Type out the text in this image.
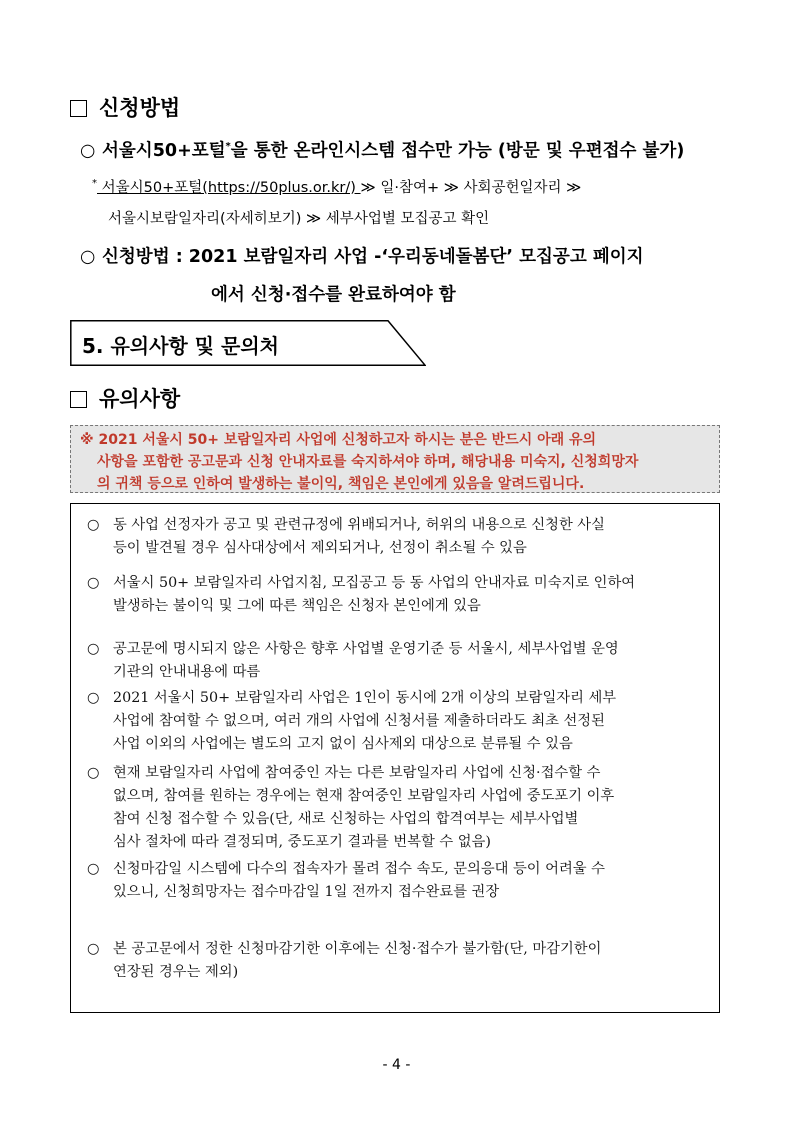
신청방법
○ 서울시50+포털*을 통한 온라인시스템 접수만 가능 (방문 및 우편접수 불가)
* 서울시50+포털(https://50plus.or.kr/) ≫ 일·참여+ ≫ 사회공헌일자리 ≫
서울시보람일자리(자세히보기) ≫ 세부사업별 모집공고 확인
○ 신청방법 : 2021 보람일자리 사업 -‘우리동네돌봄단’ 모집공고 페이지
에서 신청·접수를 완료하여야 함
5. 유의사항 및 문의처
유의사항
※ 2021 서울시 50+ 보람일자리 사업에 신청하고자 하시는 분은 반드시 아래 유의
사항을 포함한 공고문과 신청 안내자료를 숙지하셔야 하며, 해당내용 미숙지, 신청희망자
의 귀책 등으로 인하여 발생하는 불이익, 책임은 본인에게 있음을 알려드립니다.
○ 동 사업 선정자가 공고 및 관련규정에 위배되거나, 허위의 내용으로 신청한 사실
등이 발견될 경우 심사대상에서 제외되거나, 선정이 취소될 수 있음
○ 서울시 50+ 보람일자리 사업지침, 모집공고 등 동 사업의 안내자료 미숙지로 인하여
발생하는 불이익 및 그에 따른 책임은 신청자 본인에게 있음
○ 공고문에 명시되지 않은 사항은 향후 사업별 운영기준 등 서울시, 세부사업별 운영
기관의 안내내용에 따름
○ 2021 서울시 50+ 보람일자리 사업은 1인이 동시에 2개 이상의 보람일자리 세부
사업에 참여할 수 없으며, 여러 개의 사업에 신청서를 제출하더라도 최초 선정된
사업 이외의 사업에는 별도의 고지 없이 심사제외 대상으로 분류될 수 있음
○ 현재 보람일자리 사업에 참여중인 자는 다른 보람일자리 사업에 신청·접수할 수
없으며, 참여를 원하는 경우에는 현재 참여중인 보람일자리 사업에 중도포기 이후
참여 신청 접수할 수 있음(단, 새로 신청하는 사업의 합격여부는 세부사업별
심사 절차에 따라 결정되며, 중도포기 결과를 번복할 수 없음)
○ 신청마감일 시스템에 다수의 접속자가 몰려 접수 속도, 문의응대 등이 어려울 수
있으니, 신청희망자는 접수마감일 1일 전까지 접수완료를 권장
○ 본 공고문에서 정한 신청마감기한 이후에는 신청·접수가 불가함(단, 마감기한이
연장된 경우는 제외)
- 4 -
